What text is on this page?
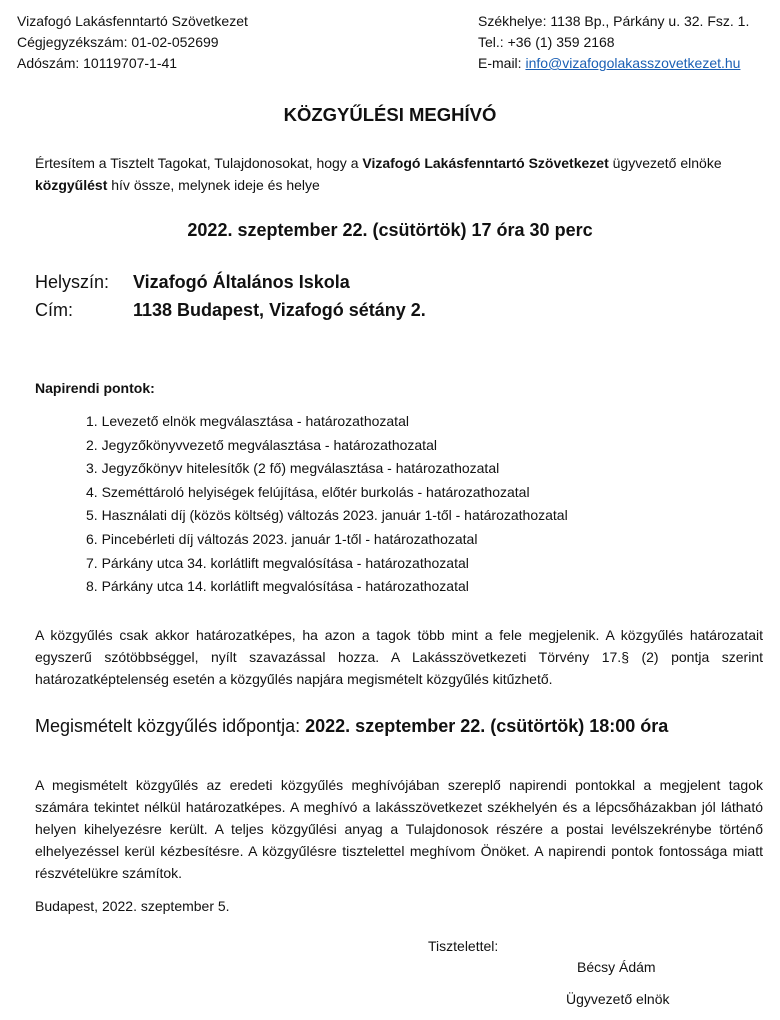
Vizafogó Lakásfenntartó Szövetkezet
Cégjegyzékszám: 01-02-052699
Adószám: 10119707-1-41
Székhelye: 1138 Bp., Párkány u. 32. Fsz. 1.
Tel.: +36 (1) 359 2168
E-mail: info@vizafogolakasszovetkezet.hu
KÖZGYŰLÉSI MEGHÍVÓ
Értesítem a Tisztelt Tagokat, Tulajdonosokat, hogy a Vizafogó Lakásfenntartó Szövetkezet ügyvezető elnöke közgyűlést hív össze, melynek ideje és helye
2022. szeptember 22. (csütörtök) 17 óra 30 perc
Helyszín: Vizafogó Általános Iskola
Cím:	1138 Budapest, Vizafogó sétány 2.
Napirendi pontok:
1. Levezető elnök megválasztása - határozathozatal
2. Jegyzőkönyvvezető megválasztása - határozathozatal
3. Jegyzőkönyv hitelesítők (2 fő) megválasztása - határozathozatal
4. Szeméttároló helyiségek felújítása, előtér burkolás - határozathozatal
5. Használati díj (közös költség) változás 2023. január 1-től - határozathozatal
6. Pincebérleti díj változás 2023. január 1-től - határozathozatal
7. Párkány utca 34. korlátlift megvalósítása - határozathozatal
8. Párkány utca 14. korlátlift megvalósítása - határozathozatal
A közgyűlés csak akkor határozatképes, ha azon a tagok több mint a fele megjelenik. A közgyűlés határozatait egyszerű szótöbbséggel, nyílt szavazással hozza. A Lakásszövetkezeti Törvény 17.§ (2) pontja szerint határozatképtelenség esetén a közgyűlés napjára megismételt közgyűlés kitűzhető.
Megismételt közgyűlés időpontja: 2022. szeptember 22. (csütörtök) 18:00 óra
A megismételt közgyűlés az eredeti közgyűlés meghívójában szereplő napirendi pontokkal a megjelent tagok számára tekintet nélkül határozatképes. A meghívó a lakásszövetkezet székhelyén és a lépcsőházakban jól látható helyen kihelyezésre került. A teljes közgyűlési anyag a Tulajdonosok részére a postai levélszekrénybe történő elhelyezéssel kerül kézbesítésre. A közgyűlésre tisztelettel meghívom Önöket. A napirendi pontok fontossága miatt részvételükre számítok.
Budapest, 2022. szeptember 5.
Tisztelettel:
Bécsy Ádám
Ügyvezető elnök
